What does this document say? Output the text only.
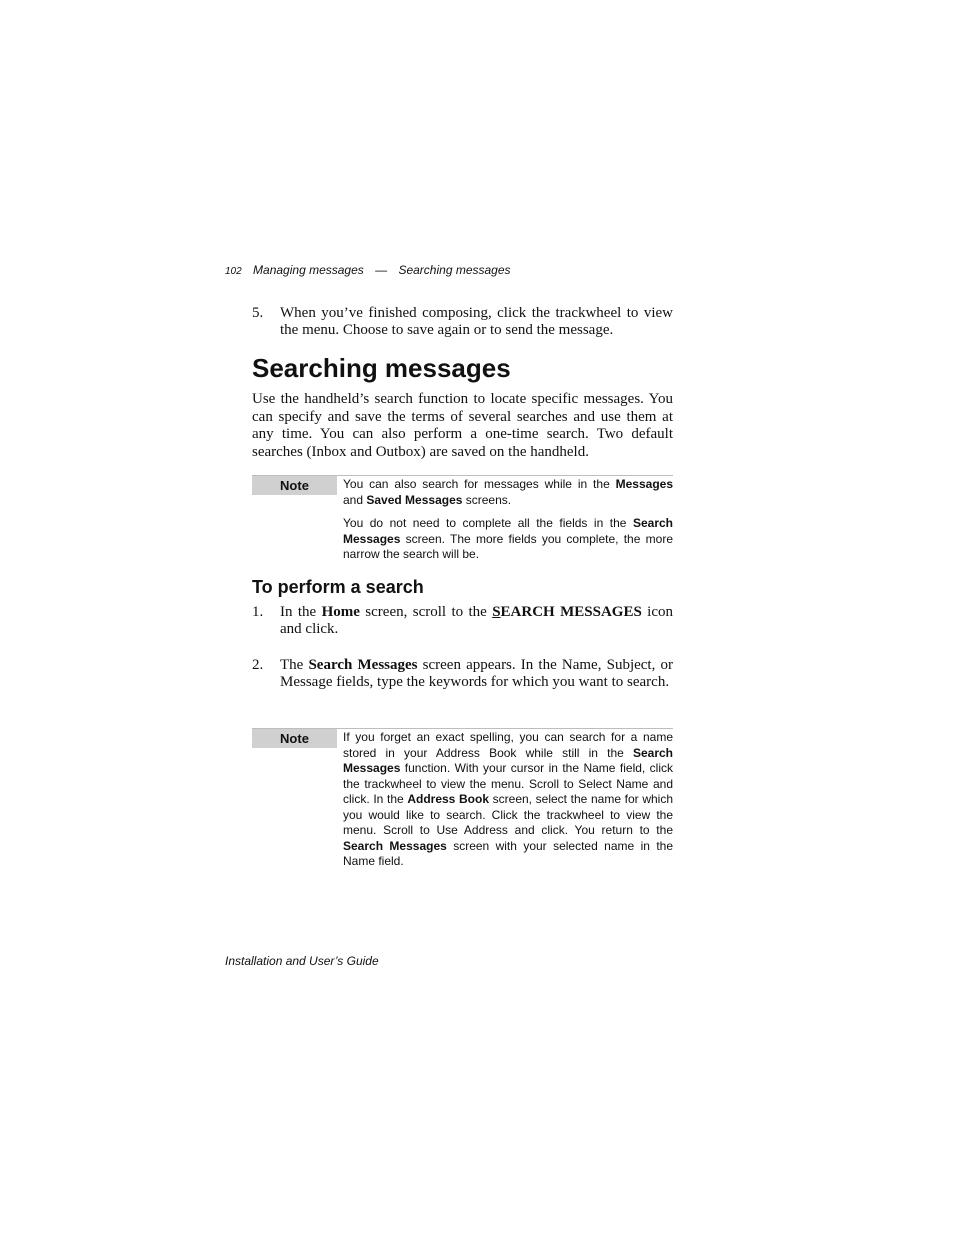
102 Managing messages — Searching messages
5.	When you’ve finished composing, click the trackwheel to view the menu. Choose to save again or to send the message.
Searching messages
Use the handheld’s search function to locate specific messages. You can specify and save the terms of several searches and use them at any time. You can also perform a one-time search. Two default searches (Inbox and Outbox) are saved on the handheld.
Note	You can also search for messages while in the Messages and Saved Messages screens.

You do not need to complete all the fields in the Search Messages screen. The more fields you complete, the more narrow the search will be.

To perform a search
1.	In the Home screen, scroll to the SEARCH MESSAGES icon and click.
2.	The Search Messages screen appears. In the Name, Subject, or Message fields, type the keywords for which you want to search.
Note	If you forget an exact spelling, you can search for a name stored in your Address Book while still in the Search Messages function. With your cursor in the Name field, click the trackwheel to view the menu. Scroll to Select Name and click. In the Address Book screen, select the name for which you would like to search. Click the trackwheel to view the menu. Scroll to Use Address and click. You return to the Search Messages screen with your selected name in the Name field.

Installation and User’s Guide
